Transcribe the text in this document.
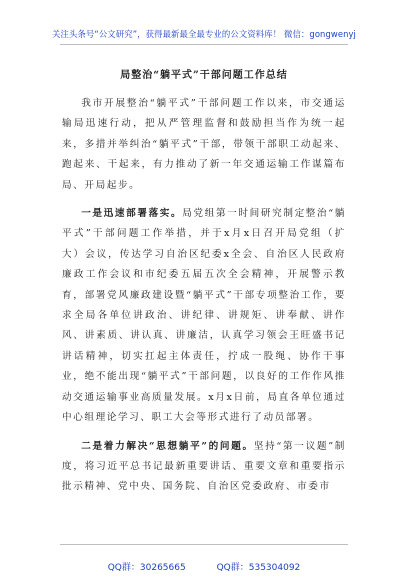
关注头条号“公文研究”，获得最新最全最专业的公文资料库！ 微信：gongwenyj
局整治“躺平式”干部问题工作总结

我市开展整治“躺平式”干部问题工作以来，市交通运输局迅速行动，把从严管理监督和鼓励担当作为统一起来，多措并举纠治“躺平式”干部，带领干部职工动起来、跑起来、干起来，有力推动了新一年交通运输工作谋篇布局、开局起步。

一是迅速部署落实。局党组第一时间研究制定整治“躺平式”干部问题工作举措，并于x月x日召开局党组（扩大）会议，传达学习自治区纪委x全会、自治区人民政府廉政工作会议和市纪委五届五次全会精神，开展警示教育，部署党风廉政建设暨“躺平式”干部专项整治工作，要求全局各单位讲政治、讲纪律、讲规矩、讲奉献、讲作风、讲素质、讲认真、讲廉洁，认真学习领会王旺盛书记讲话精神，切实扛起主体责任，拧成一股绳、协作干事业，绝不能出现“躺平式”干部问题，以良好的工作作风推动交通运输事业高质量发展。x月x日前，局直各单位通过中心组理论学习、职工大会等形式进行了动员部署。

二是着力解决“思想躺平”的问题。坚持“第一议题”制度，将习近平总书记最新重要讲话、重要文章和重要指示批示精神、党中央、国务院、自治区党委政府、市委市

QQ群：30265665	QQ群：535304092
